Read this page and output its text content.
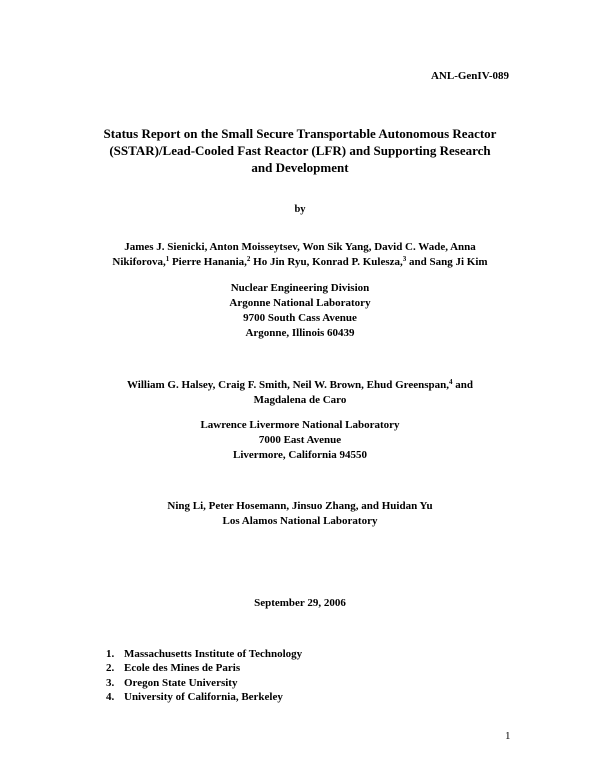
ANL-GenIV-089
Status Report on the Small Secure Transportable Autonomous Reactor
(SSTAR)/Lead-Cooled Fast Reactor (LFR) and Supporting Research
and Development
by
James J. Sienicki, Anton Moisseytsev, Won Sik Yang, David C. Wade, Anna
Nikiforova,$^1$ Pierre Hanania,$^2$ Ho Jin Ryu, Konrad P. Kulesza,$^3$ and Sang Ji Kim
Nuclear Engineering Division
Argonne National Laboratory
9700 South Cass Avenue
Argonne, Illinois 60439
William G. Halsey, Craig F. Smith, Neil W. Brown, Ehud Greenspan,$^4$ and
Magdalena de Caro
Lawrence Livermore National Laboratory
7000 East Avenue
Livermore, California 94550
Ning Li, Peter Hosemann, Jinsuo Zhang, and Huidan Yu
Los Alamos National Laboratory
September 29, 2006
1. Massachusetts Institute of Technology
2. Ecole des Mines de Paris
3. Oregon State University
4. University of California, Berkeley
1
